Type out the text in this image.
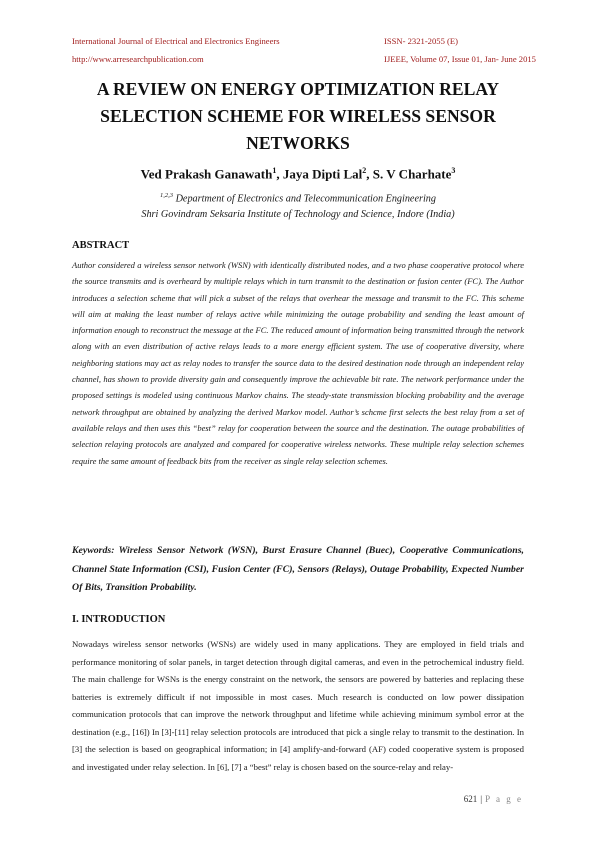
International Journal of Electrical and Electronics Engineers	ISSN- 2321-2055 (E)
http://www.arresearchpublication.com	IJEEE, Volume 07, Issue 01, Jan- June 2015
A REVIEW ON ENERGY OPTIMIZATION RELAY SELECTION SCHEME FOR WIRELESS SENSOR NETWORKS
Ved Prakash Ganawath$^1$, Jaya Dipti Lal$^2$, S. V Charhate$^3$
$^{1,2,3}$ Department of Electronics and Telecommunication Engineering
Shri Govindram Seksaria Institute of Technology and Science, Indore (India)
ABSTRACT
Author considered a wireless sensor network (WSN) with identically distributed nodes, and a two phase cooperative protocol where the source transmits and is overheard by multiple relays which in turn transmit to the destination or fusion center (FC). The Author introduces a selection scheme that will pick a subset of the relays that overhear the message and transmit to the FC. This scheme will aim at making the least number of relays active while minimizing the outage probability and sending the least amount of information enough to reconstruct the message at the FC. The reduced amount of information being transmitted through the network along with an even distribution of active relays leads to a more energy efficient system. The use of cooperative diversity, where neighboring stations may act as relay nodes to transfer the source data to the desired destination node through an independent relay channel, has shown to provide diversity gain and consequently improve the achievable bit rate. The network performance under the proposed settings is modeled using continuous Markov chains. The steady-state transmission blocking probability and the average network throughput are obtained by analyzing the derived Markov model. Author’s schcme first selects the best relay from a set of available relays and then uses this “best” relay for cooperation between the source and the destination. The outage probabilities of selection relaying protocols are analyzed and compared for cooperative wireless networks. These multiple relay selection schemes require the same amount of feedback bits from the receiver as single relay selection schemes.
Keywords: Wireless Sensor Network (WSN), Burst Erasure Channel (Buec), Cooperative Communications, Channel State Information (CSI), Fusion Center (FC), Sensors (Relays), Outage Probability, Expected Number Of Bits, Transition Probability.
I. INTRODUCTION
Nowadays wireless sensor networks (WSNs) are widely used in many applications. They are employed in field trials and performance monitoring of solar panels, in target detection through digital cameras, and even in the petrochemical industry field. The main challenge for WSNs is the energy constraint on the network, the sensors are powered by batteries and replacing these batteries is extremely difficult if not impossible in most cases. Much research is conducted on low power dissipation communication protocols that can improve the network throughput and lifetime while achieving minimum symbol error at the destination (e.g., [16]) In [3]-[11] relay selection protocols are introduced that pick a single relay to transmit to the destination. In [3] the selection is based on geographical information; in [4] amplify-and-forward (AF) coded cooperative system is proposed and investigated under relay selection. In [6], [7] a “best” relay is chosen based on the source-relay and relay-
621 | P a g e
